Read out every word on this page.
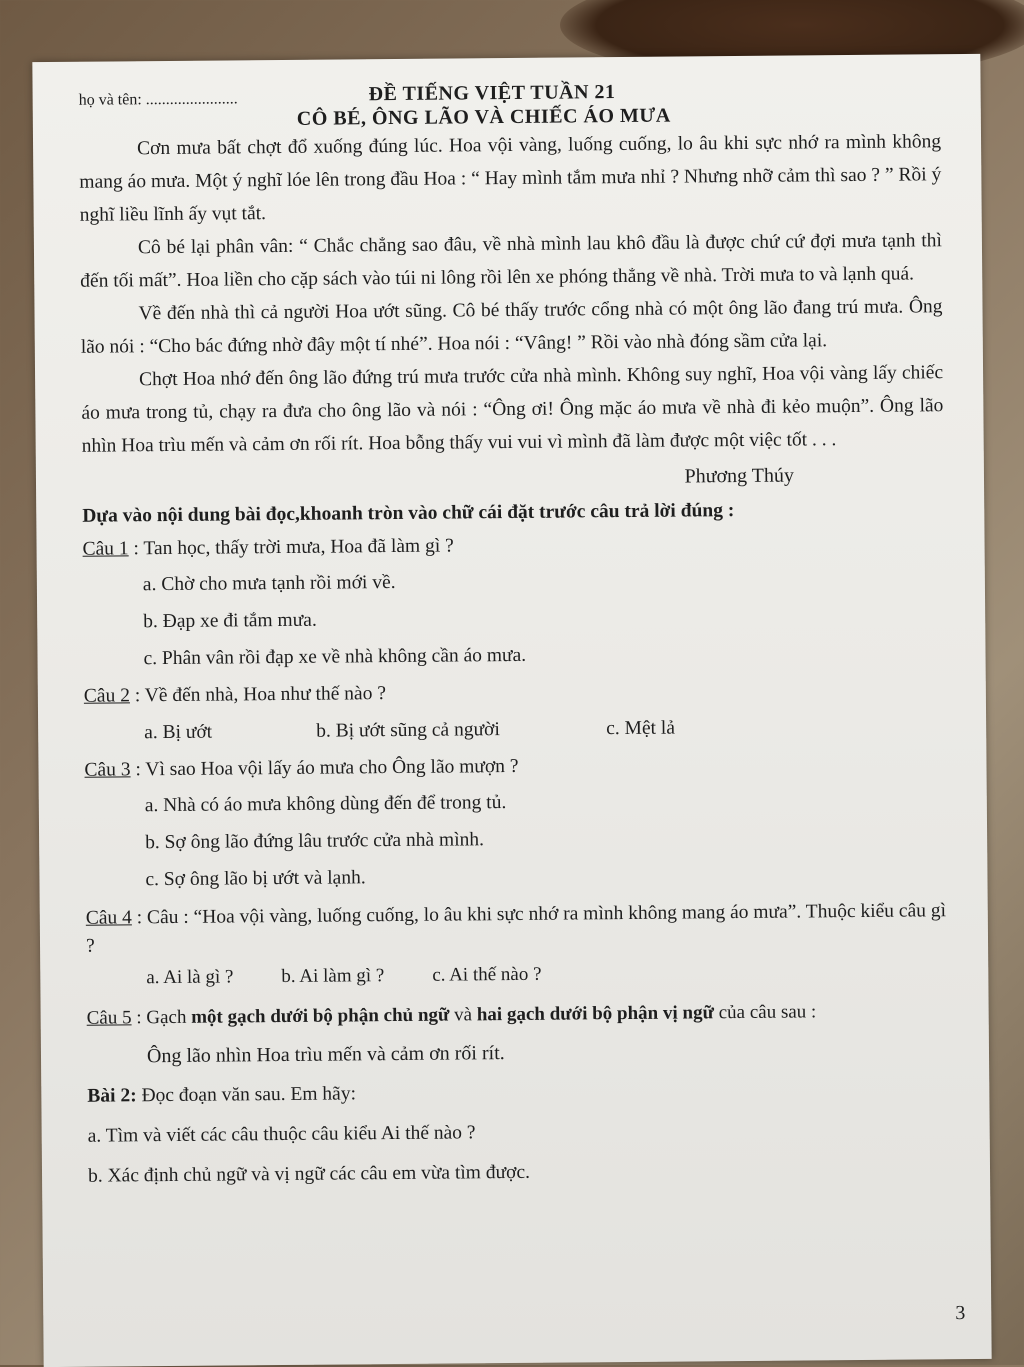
họ và tên: .......................	ĐỀ TIẾNG VIỆT TUẦN 21
CÔ BÉ, ÔNG LÃO VÀ CHIẾC ÁO MƯA

Cơn mưa bất chợt đổ xuống đúng lúc. Hoa vội vàng, luống cuống, lo âu khi sực nhớ ra mình không mang áo mưa. Một ý nghĩ lóe lên trong đầu Hoa : “ Hay mình tắm mưa nhỉ ? Nhưng nhỡ cảm thì sao ? ” Rồi ý nghĩ liều lĩnh ấy vụt tắt.

Cô bé lại phân vân: “ Chắc chẳng sao đâu, về nhà mình lau khô đầu là được chứ cứ đợi mưa tạnh thì đến tối mất”. Hoa liền cho cặp sách vào túi ni lông rồi lên xe phóng thẳng về nhà. Trời mưa to và lạnh quá.

Về đến nhà thì cả người Hoa ướt sũng. Cô bé thấy trước cổng nhà có một ông lão đang trú mưa. Ông lão nói : “Cho bác đứng nhờ đây một tí nhé”. Hoa nói : “Vâng! ” Rồi vào nhà đóng sầm cửa lại.

Chợt Hoa nhớ đến ông lão đứng trú mưa trước cửa nhà mình. Không suy nghĩ, Hoa vội vàng lấy chiếc áo mưa trong tủ, chạy ra đưa cho ông lão và nói : “Ông ơi! Ông mặc áo mưa về nhà đi kẻo muộn”. Ông lão nhìn Hoa trìu mến và cảm ơn rối rít. Hoa bỗng thấy vui vui vì mình đã làm được một việc tốt . . .

Phương Thúy
Dựa vào nội dung bài đọc,khoanh tròn vào chữ cái đặt trước câu trả lời đúng :
Câu 1 : Tan học, thấy trời mưa, Hoa đã làm gì ?
a. Chờ cho mưa tạnh rồi mới về.
b. Đạp xe đi tắm mưa.
c. Phân vân rồi đạp xe về nhà không cần áo mưa.
Câu 2 : Về đến nhà, Hoa như thế nào ?
a. Bị ướt	b. Bị ướt sũng cả người	c. Mệt lả
Câu 3 : Vì sao Hoa vội lấy áo mưa cho Ông lão mượn ?
a. Nhà có áo mưa không dùng đến để trong tủ.
b. Sợ ông lão đứng lâu trước cửa nhà mình.
c. Sợ ông lão bị ướt và lạnh.
Câu 4 : Câu : “Hoa vội vàng, luống cuống, lo âu khi sực nhớ ra mình không mang áo mưa”. Thuộc kiểu câu gì ?
a. Ai là gì ?	b. Ai làm gì ?	c. Ai thế nào ?
Câu 5 : Gạch một gạch dưới bộ phận chủ ngữ và hai gạch dưới bộ phận vị ngữ của câu sau :
Ông lão nhìn Hoa trìu mến và cảm ơn rối rít.
Bài 2: Đọc đoạn văn sau. Em hãy:
a. Tìm và viết các câu thuộc câu kiểu Ai thế nào ?
b. Xác định chủ ngữ và vị ngữ các câu em vừa tìm được.
3
